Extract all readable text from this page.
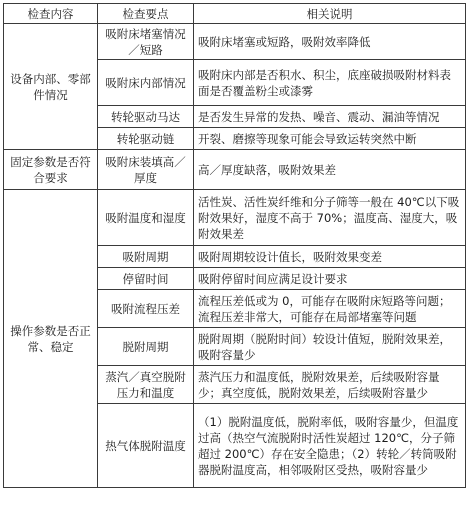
检查内容	检查要点	相关说明
设备内部、零部件情况	吸附床堵塞情况／短路	吸附床堵塞或短路，吸附效率降低
	吸附床内部情况	吸附床内部是否积水、积尘，底座破损吸附材料表面是否覆盖粉尘或漆雾
	转轮驱动马达	是否发生异常的发热、噪音、震动、漏油等情况
	转轮驱动链	开裂、磨擦等现象可能会导致运转突然中断
固定参数是否符合要求	吸附床装填高／厚度	高／厚度缺落，吸附效果差
操作参数是否正常、稳定	吸附温度和湿度	活性炭、活性炭纤维和分子筛等一般在 40℃以下吸附效果好，湿度不高于 70%；温度高、湿度大，吸附效果差
	吸附周期	吸附周期较设计值长，吸附效果变差
	停留时间	吸附停留时间应满足设计要求
	吸附流程压差	流程压差低或为 0，可能存在吸附床短路等问题；流程压差非常大，可能存在局部堵塞等问题
	脱附周期	脱附周期（脱附时间）较设计值短，脱附效果差，吸附容量少
	蒸汽／真空脱附压力和温度	蒸汽压力和温度低，脱附效果差，后续吸附容量少；真空度低，脱附效果差，后续吸附容量少
	热气体脱附温度	（1）脱附温度低，脱附率低，吸附容量少，但温度过高（热空气流脱附时活性炭超过 120℃，分子筛超过 200℃）存在安全隐患；（2）转轮／转筒吸附器脱附温度高，相邻吸附区受热，吸附容量少
